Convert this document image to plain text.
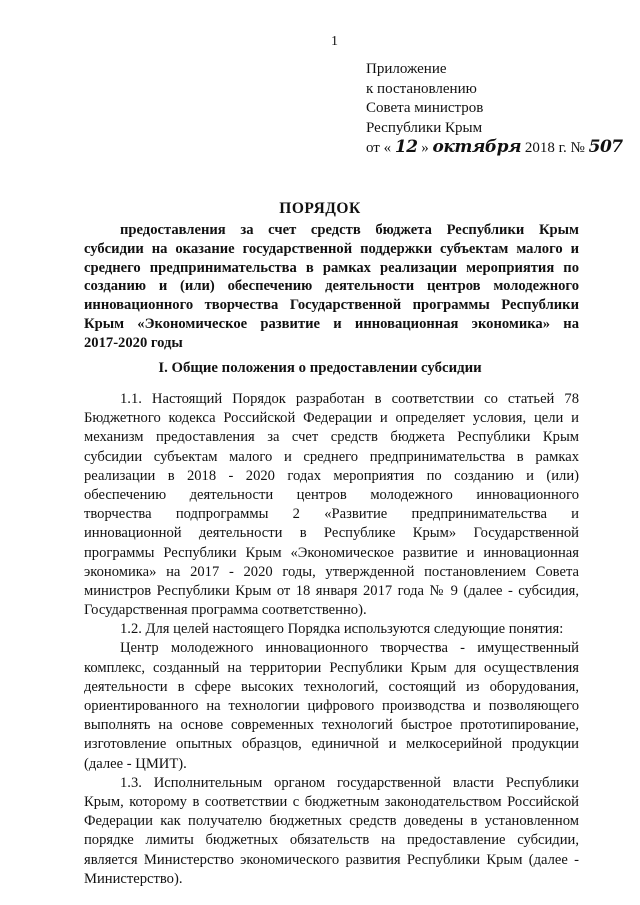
1
Приложение
к постановлению
Совета министров
Республики Крым
от « 12 » октября 2018 г. № 507
ПОРЯДОК
предоставления за счет средств бюджета Республики Крым
субсидии на оказание государственной поддержки субъектам малого и
среднего предпринимательства в рамках реализации мероприятия по
созданию и (или) обеспечению деятельности центров молодежного
инновационного творчества Государственной программы Республики
Крым «Экономическое развитие и инновационная экономика» на
2017-2020 годы
I. Общие положения о предоставлении субсидии
1.1. Настоящий Порядок разработан в соответствии со статьей 78
Бюджетного кодекса Российской Федерации и определяет условия, цели и
механизм предоставления за счет средств бюджета Республики Крым
субсидии субъектам малого и среднего предпринимательства в рамках
реализации в 2018 - 2020 годах мероприятия по созданию и (или)
обеспечению деятельности центров молодежного инновационного
творчества подпрограммы 2 «Развитие предпринимательства и
инновационной деятельности в Республике Крым» Государственной
программы Республики Крым «Экономическое развитие и инновационная
экономика» на 2017 - 2020 годы, утвержденной постановлением Совета
министров Республики Крым от 18 января 2017 года № 9 (далее - субсидия,
Государственная программа соответственно).
1.2. Для целей настоящего Порядка используются следующие понятия:
Центр молодежного инновационного творчества - имущественный
комплекс, созданный на территории Республики Крым для осуществления
деятельности в сфере высоких технологий, состоящий из оборудования,
ориентированного на технологии цифрового производства и позволяющего
выполнять на основе современных технологий быстрое прототипирование,
изготовление опытных образцов, единичной и мелкосерийной продукции
(далее - ЦМИТ).
1.3. Исполнительным органом государственной власти Республики
Крым, которому в соответствии с бюджетным законодательством Российской
Федерации как получателю бюджетных средств доведены в установленном
порядке лимиты бюджетных обязательств на предоставление субсидии,
является Министерство экономического развития Республики Крым (далее -
Министерство).
